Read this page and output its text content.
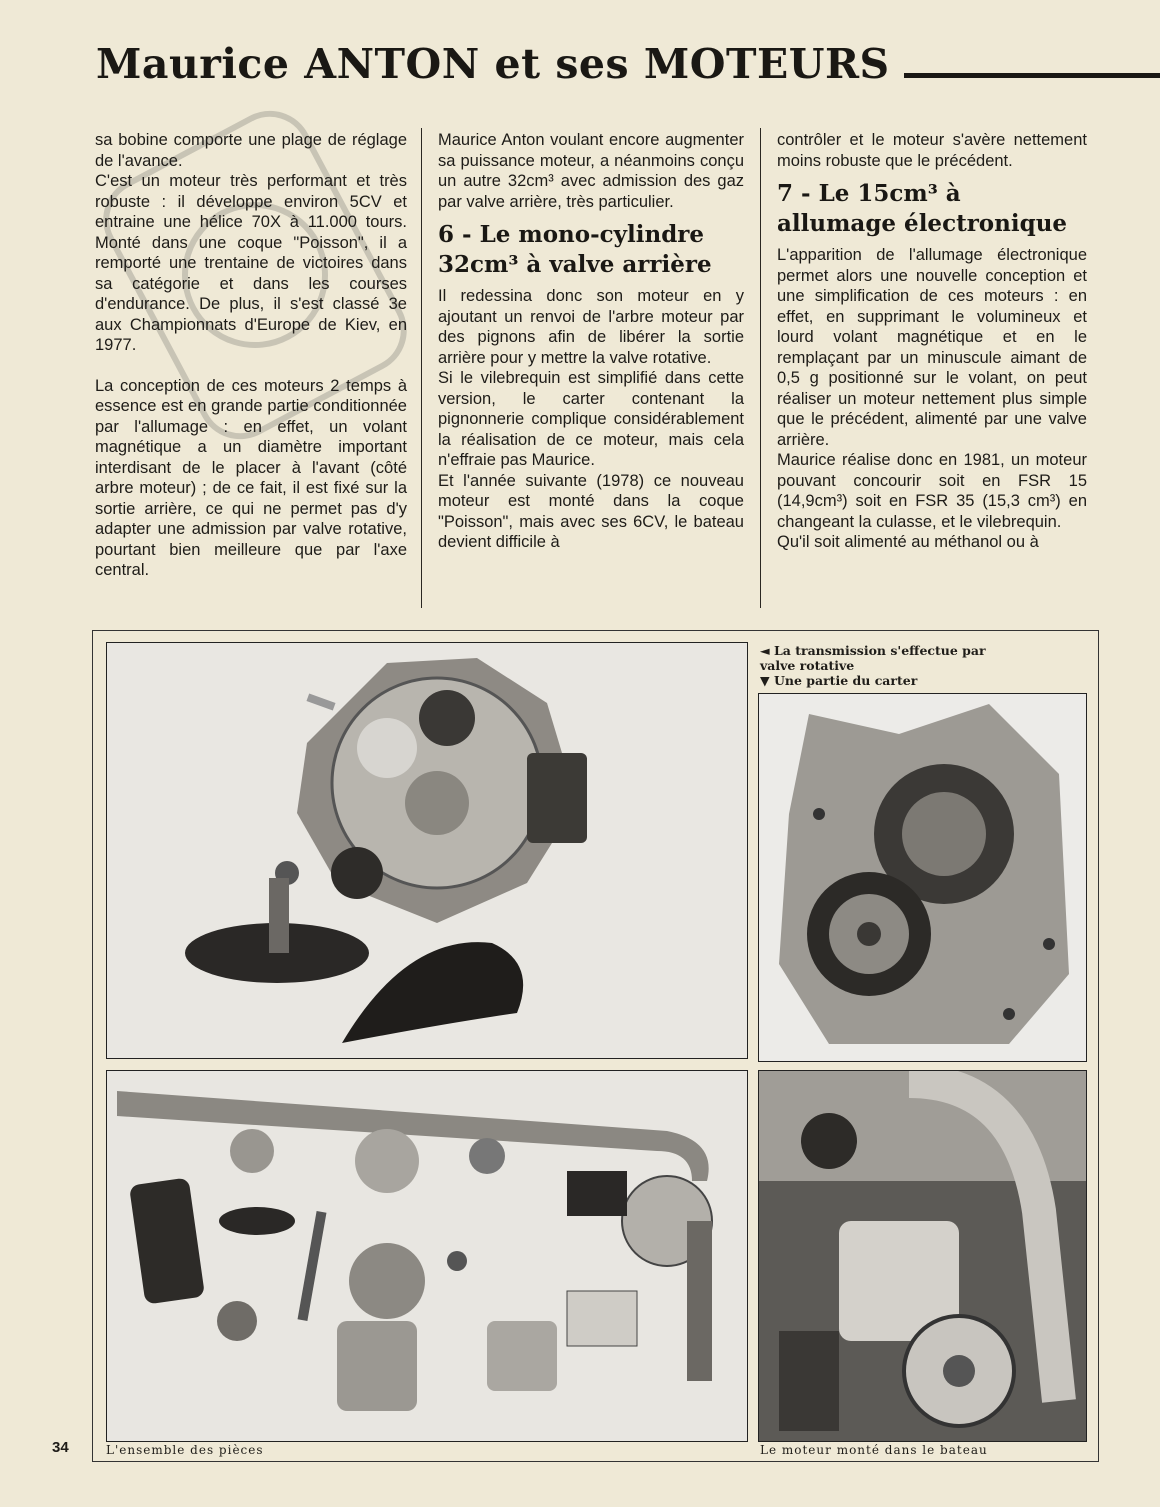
Maurice ANTON et ses MOTEURS

sa bobine comporte une plage de réglage de l'avance.

C'est un moteur très performant et très robuste : il développe environ 5CV et entraine une hélice 70X à 11.000 tours. Monté dans une coque "Poisson", il a remporté une trentaine de victoires dans sa catégorie et dans les courses d'endurance. De plus, il s'est classé 3e aux Championnats d'Europe de Kiev, en 1977.

La conception de ces moteurs 2 temps à essence est en grande partie conditionnée par l'allumage : en effet, un volant magnétique a un diamètre important interdisant de le placer à l'avant (côté arbre moteur) ; de ce fait, il est fixé sur la sortie arrière, ce qui ne permet pas d'y adapter une admission par valve rotative, pourtant bien meilleure que par l'axe central.

Maurice Anton voulant encore augmenter sa puissance moteur, a néanmoins conçu un autre 32cm³ avec admission des gaz par valve arrière, très particulier.

6 - Le mono-cylindre 32cm³ à valve arrière

Il redessina donc son moteur en y ajoutant un renvoi de l'arbre moteur par des pignons afin de libérer la sortie arrière pour y mettre la valve rotative.

Si le vilebrequin est simplifié dans cette version, le carter contenant la pignonnerie complique considérablement la réalisation de ce moteur, mais cela n'effraie pas Maurice.

Et l'année suivante (1978) ce nouveau moteur est monté dans la coque "Poisson", mais avec ses 6CV, le bateau devient difficile à

contrôler et le moteur s'avère nettement moins robuste que le précédent.

7 - Le 15cm³ à allumage électronique

L'apparition de l'allumage électronique permet alors une nouvelle conception et une simplification de ces moteurs : en effet, en supprimant le volumineux et lourd volant magnétique et en le remplaçant par un minuscule aimant de 0,5 g positionné sur le volant, on peut réaliser un moteur nettement plus simple que le précédent, alimenté par une valve arrière.

Maurice réalise donc en 1981, un moteur pouvant concourir soit en FSR 15 (14,9cm³) soit en FSR 35 (15,3 cm³) en changeant la culasse, et le vilebrequin.

Qu'il soit alimenté au méthanol ou à

◄ La transmission s'effectue par valve rotative
▼ Une partie du carter
L'ensemble des pièces	Le moteur monté dans le bateau
34
